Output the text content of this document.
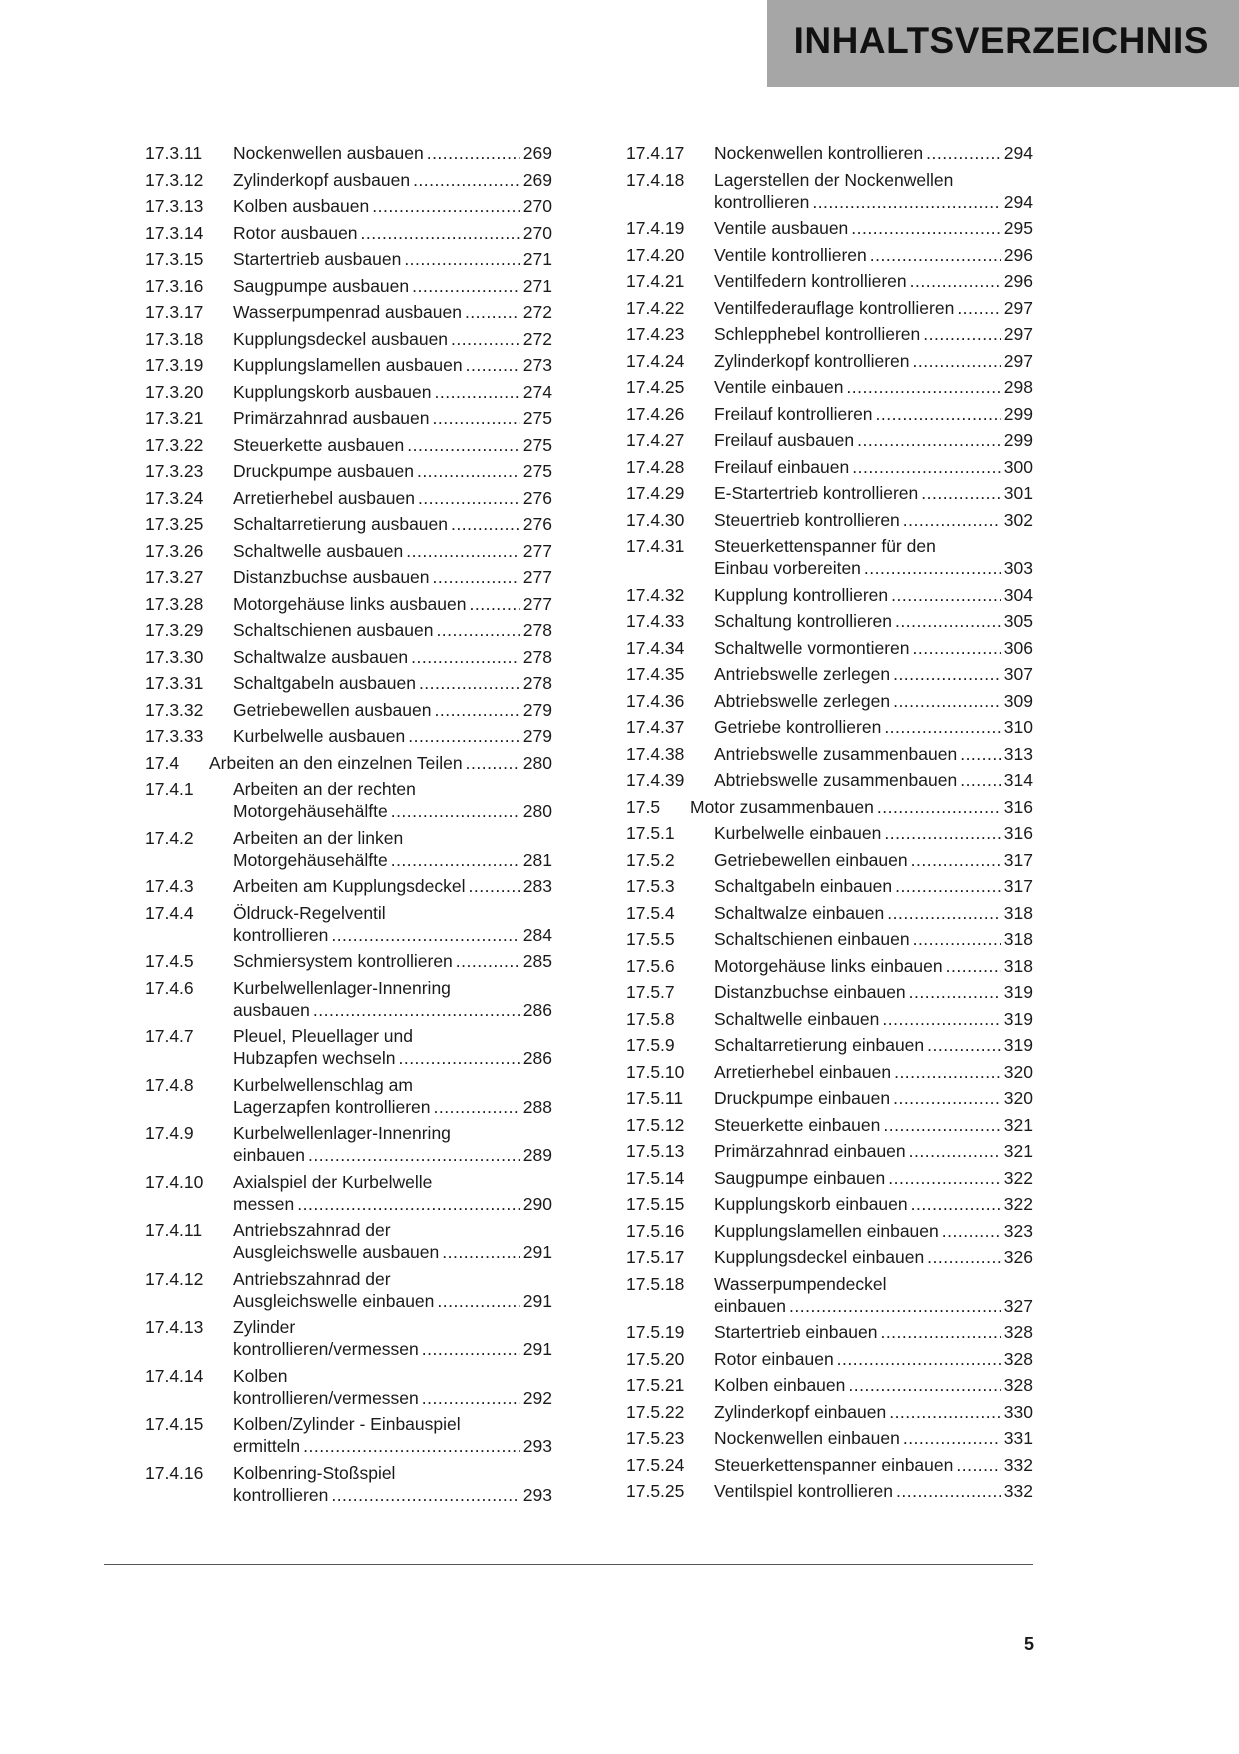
INHALTSVERZEICHNIS
17.3.11	Nockenwellen ausbauen .....	269
17.3.12	Zylinderkopf ausbauen .....	269
17.3.13	Kolben ausbauen .....	270
17.3.14	Rotor ausbauen .....	270
17.3.15	Startertrieb ausbauen .....	271
17.3.16	Saugpumpe ausbauen .....	271
17.3.17	Wasserpumpenrad ausbauen .....	272
17.3.18	Kupplungsdeckel ausbauen .....	272
17.3.19	Kupplungslamellen ausbauen .....	273
17.3.20	Kupplungskorb ausbauen .....	274
17.3.21	Primärzahnrad ausbauen .....	275
17.3.22	Steuerkette ausbauen .....	275
17.3.23	Druckpumpe ausbauen .....	275
17.3.24	Arretierhebel ausbauen .....	276
17.3.25	Schaltarretierung ausbauen .....	276
17.3.26	Schaltwelle ausbauen .....	277
17.3.27	Distanzbuchse ausbauen .....	277
17.3.28	Motorgehäuse links ausbauen .....	277
17.3.29	Schaltschienen ausbauen .....	278
17.3.30	Schaltwalze ausbauen .....	278
17.3.31	Schaltgabeln ausbauen .....	278
17.3.32	Getriebewellen ausbauen .....	279
17.3.33	Kurbelwelle ausbauen .....	279
17.4	Arbeiten an den einzelnen Teilen .....	280
17.4.1	Arbeiten an der rechten
Motorgehäusehälfte .....	280
17.4.2	Arbeiten an der linken
Motorgehäusehälfte .....	281
17.4.3	Arbeiten am Kupplungsdeckel .....	283
17.4.4	Öldruck-Regelventil
kontrollieren .....	284
17.4.5	Schmiersystem kontrollieren .....	285
17.4.6	Kurbelwellenlager-Innenring
ausbauen .....	286
17.4.7	Pleuel, Pleuellager und
Hubzapfen wechseln .....	286
17.4.8	Kurbelwellenschlag am
Lagerzapfen kontrollieren .....	288
17.4.9	Kurbelwellenlager-Innenring
einbauen .....	289
17.4.10	Axialspiel der Kurbelwelle
messen .....	290
17.4.11	Antriebszahnrad der
Ausgleichswelle ausbauen .....	291
17.4.12	Antriebszahnrad der
Ausgleichswelle einbauen .....	291
17.4.13	Zylinder
kontrollieren/vermessen .....	291
17.4.14	Kolben
kontrollieren/vermessen .....	292
17.4.15	Kolben/Zylinder - Einbauspiel
ermitteln .....	293
17.4.16	Kolbenring-Stoßspiel
kontrollieren .....	293
17.4.17	Nockenwellen kontrollieren .....	294
17.4.18	Lagerstellen der Nockenwellen
kontrollieren .....	294
17.4.19	Ventile ausbauen .....	295
17.4.20	Ventile kontrollieren .....	296
17.4.21	Ventilfedern kontrollieren .....	296
17.4.22	Ventilfederauflage kontrollieren .....	297
17.4.23	Schlepphebel kontrollieren .....	297
17.4.24	Zylinderkopf kontrollieren .....	297
17.4.25	Ventile einbauen .....	298
17.4.26	Freilauf kontrollieren .....	299
17.4.27	Freilauf ausbauen .....	299
17.4.28	Freilauf einbauen .....	300
17.4.29	E-Startertrieb kontrollieren .....	301
17.4.30	Steuertrieb kontrollieren .....	302
17.4.31	Steuerkettenspanner für den
Einbau vorbereiten .....	303
17.4.32	Kupplung kontrollieren .....	304
17.4.33	Schaltung kontrollieren .....	305
17.4.34	Schaltwelle vormontieren .....	306
17.4.35	Antriebswelle zerlegen .....	307
17.4.36	Abtriebswelle zerlegen .....	309
17.4.37	Getriebe kontrollieren .....	310
17.4.38	Antriebswelle zusammenbauen .....	313
17.4.39	Abtriebswelle zusammenbauen .....	314
17.5	Motor zusammenbauen .....	316
17.5.1	Kurbelwelle einbauen .....	316
17.5.2	Getriebewellen einbauen .....	317
17.5.3	Schaltgabeln einbauen .....	317
17.5.4	Schaltwalze einbauen .....	318
17.5.5	Schaltschienen einbauen .....	318
17.5.6	Motorgehäuse links einbauen .....	318
17.5.7	Distanzbuchse einbauen .....	319
17.5.8	Schaltwelle einbauen .....	319
17.5.9	Schaltarretierung einbauen .....	319
17.5.10	Arretierhebel einbauen .....	320
17.5.11	Druckpumpe einbauen .....	320
17.5.12	Steuerkette einbauen .....	321
17.5.13	Primärzahnrad einbauen .....	321
17.5.14	Saugpumpe einbauen .....	322
17.5.15	Kupplungskorb einbauen .....	322
17.5.16	Kupplungslamellen einbauen .....	323
17.5.17	Kupplungsdeckel einbauen .....	326
17.5.18	Wasserpumpendeckel
einbauen .....	327
17.5.19	Startertrieb einbauen .....	328
17.5.20	Rotor einbauen .....	328
17.5.21	Kolben einbauen .....	328
17.5.22	Zylinderkopf einbauen .....	330
17.5.23	Nockenwellen einbauen .....	331
17.5.24	Steuerkettenspanner einbauen .....	332
17.5.25	Ventilspiel kontrollieren .....	332
5
